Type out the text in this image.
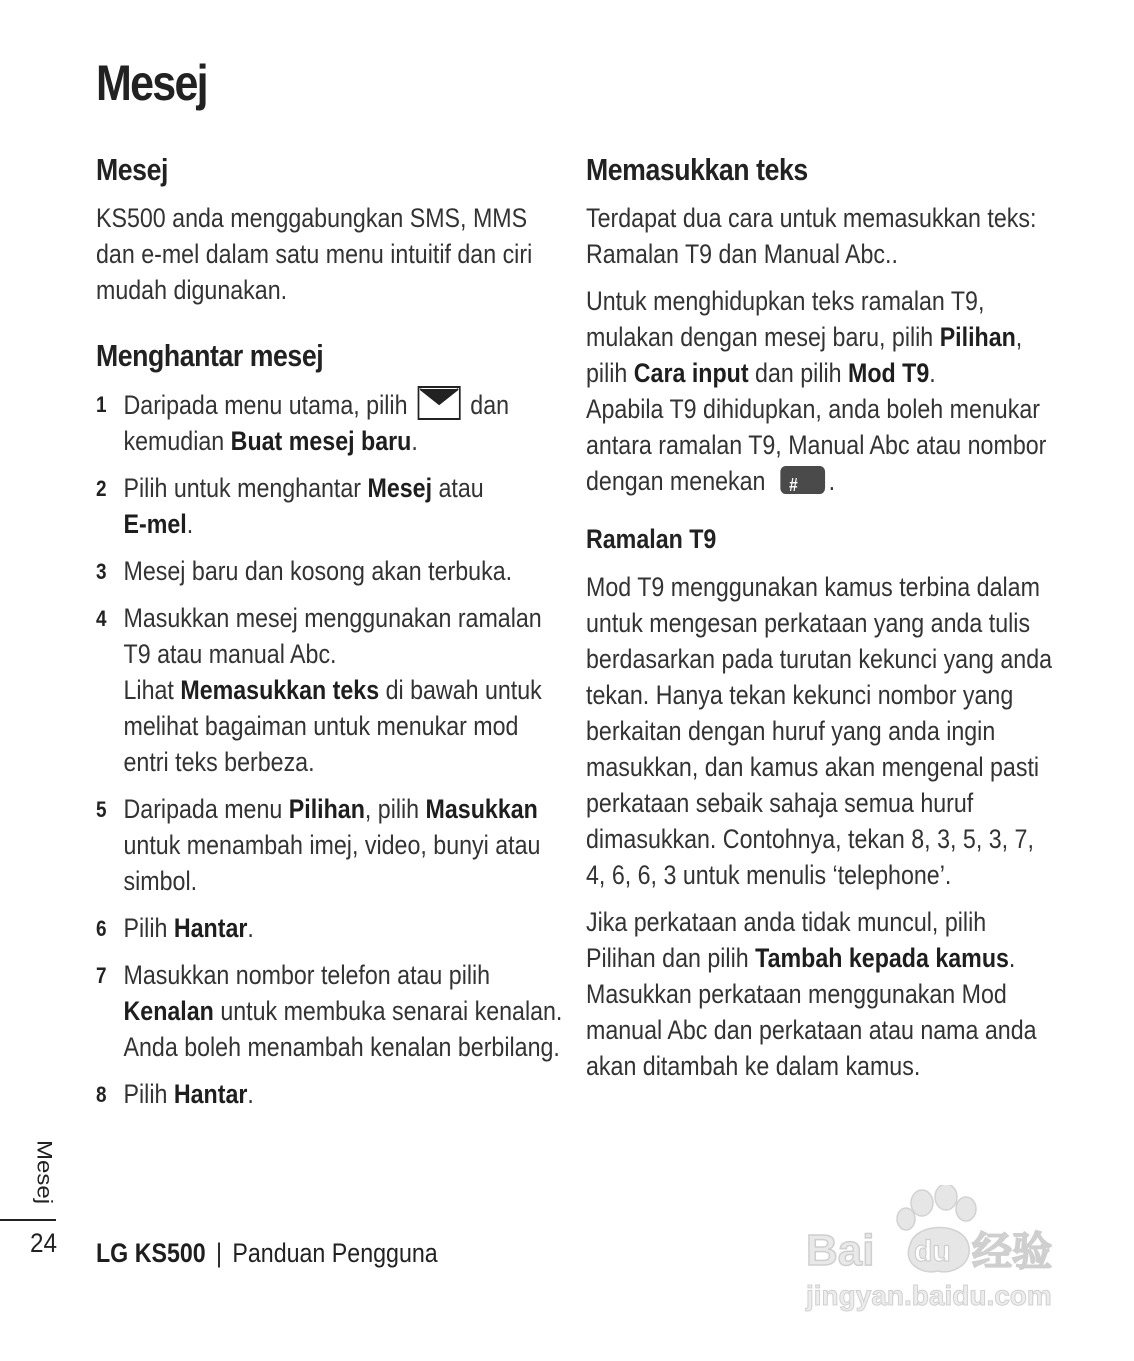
Mesej
Mesej

KS500 anda menggabungkan SMS, MMS dan e-mel dalam satu menu intuitif dan ciri mudah digunakan.

Menghantar mesej
1 Daripada menu utama, pilih dan kemudian Buat mesej baru.
2 Pilih untuk menghantar Mesej atau
E-mel.
3 Mesej baru dan kosong akan terbuka.
4 Masukkan mesej menggunakan ramalan T9 atau manual Abc.
Lihat Memasukkan teks di bawah untuk melihat bagaiman untuk menukar mod entri teks berbeza.
5 Daripada menu Pilihan, pilih Masukkan untuk menambah imej, video, bunyi atau simbol.
6 Pilih Hantar.
7 Masukkan nombor telefon atau pilih
Kenalan untuk membuka senarai kenalan. Anda boleh menambah kenalan berbilang.
8 Pilih Hantar.
Memasukkan teks

Terdapat dua cara untuk memasukkan teks: Ramalan T9 dan Manual Abc..

Untuk menghidupkan teks ramalan T9, mulakan dengan mesej baru, pilih Pilihan, pilih Cara input dan pilih Mod T9.
Apabila T9 dihidupkan, anda boleh menukar antara ramalan T9, Manual Abc atau nombor dengan menekan # .

Ramalan T9

Mod T9 menggunakan kamus terbina dalam untuk mengesan perkataan yang anda tulis berdasarkan pada turutan kekunci yang anda tekan. Hanya tekan kekunci nombor yang berkaitan dengan huruf yang anda ingin masukkan, dan kamus akan mengenal pasti perkataan sebaik sahaja semua huruf dimasukkan. Contohnya, tekan 8, 3, 5, 3, 7, 4, 6, 6, 3 untuk menulis ‘telephone’.

Jika perkataan anda tidak muncul, pilih Pilihan dan pilih Tambah kepada kamus.
Masukkan perkataan menggunakan Mod manual Abc dan perkataan atau nama anda akan ditambah ke dalam kamus.

Mesej
24 LG KS500 | Panduan Pengguna	Bai du 经验
jingyan.baidu.com
